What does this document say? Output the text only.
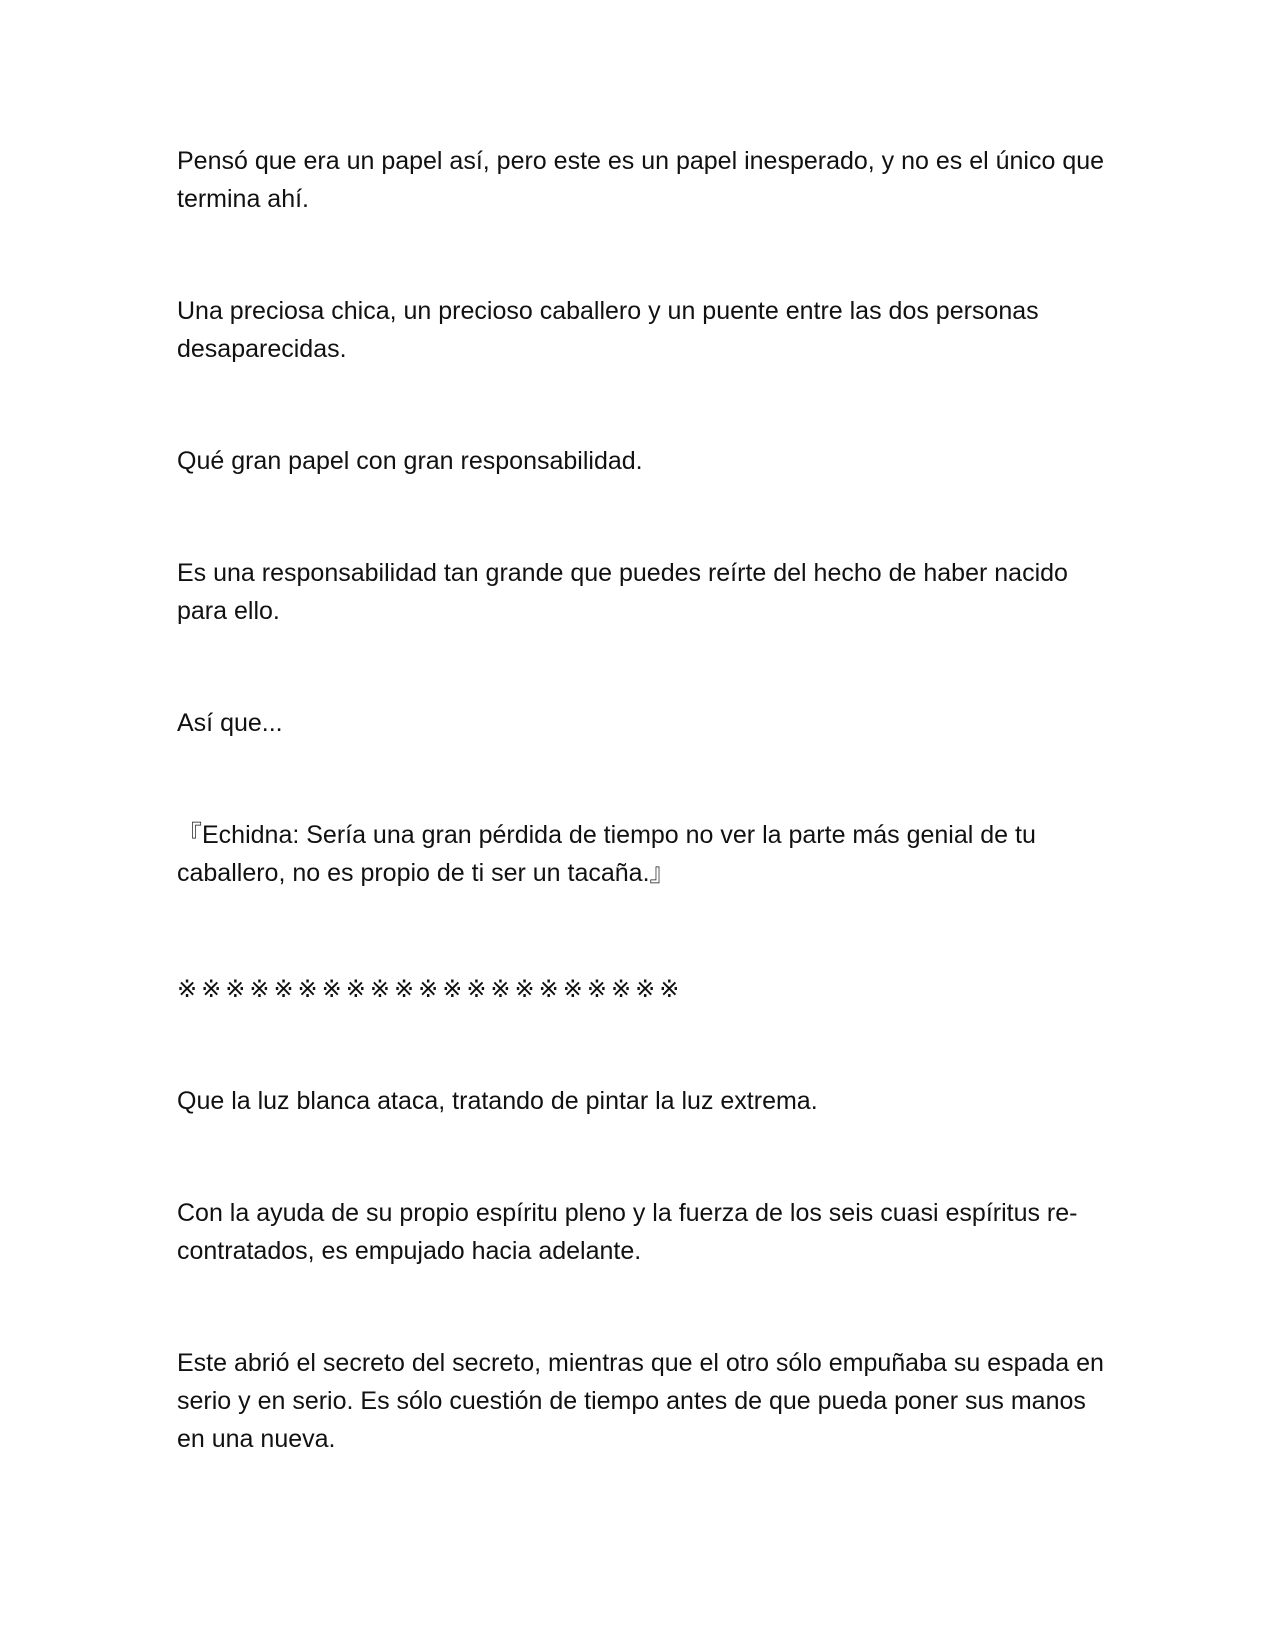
Pensó que era un papel así, pero este es un papel inesperado, y no es el único que termina ahí.

Una preciosa chica, un precioso caballero y un puente entre las dos personas desaparecidas.

Qué gran papel con gran responsabilidad.

Es una responsabilidad tan grande que puedes reírte del hecho de haber nacido para ello.

Así que...

『Echidna: Sería una gran pérdida de tiempo no ver la parte más genial de tu caballero, no es propio de ti ser un tacaña.』

※※※※※※※※※※※※※※※※※※※※※

Que la luz blanca ataca, tratando de pintar la luz extrema.

Con la ayuda de su propio espíritu pleno y la fuerza de los seis cuasi espíritus re-contratados, es empujado hacia adelante.

Este abrió el secreto del secreto, mientras que el otro sólo empuñaba su espada en serio y en serio. Es sólo cuestión de tiempo antes de que pueda poner sus manos en una nueva.
